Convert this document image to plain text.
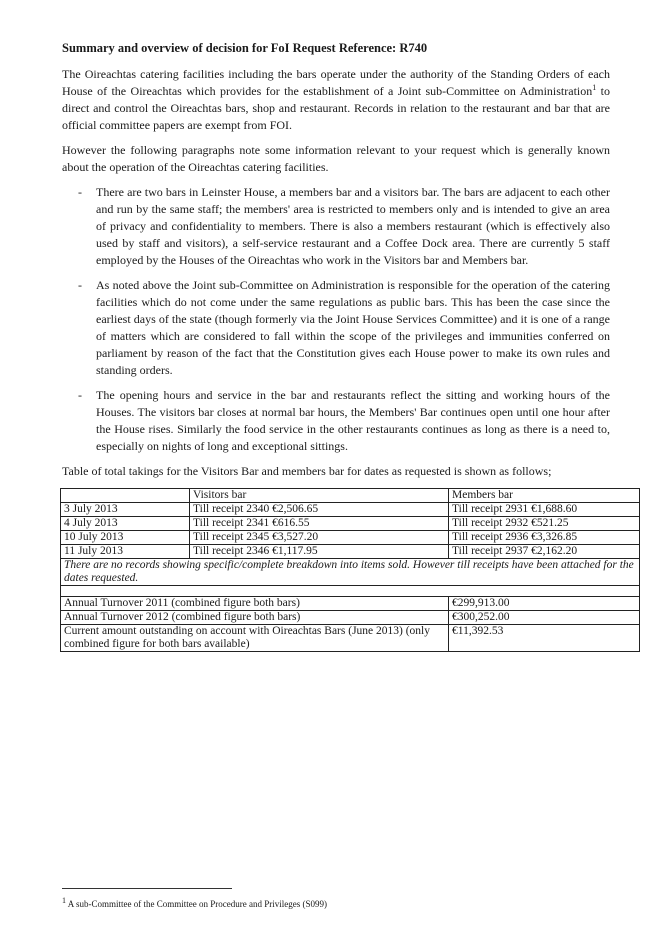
Summary and overview of decision for FoI Request Reference: R740

The Oireachtas catering facilities including the bars operate under the authority of the Standing Orders of each House of the Oireachtas which provides for the establishment of a Joint sub-Committee on Administration$^1$ to direct and control the Oireachtas bars, shop and restaurant. Records in relation to the restaurant and bar that are official committee papers are exempt from FOI.

However the following paragraphs note some information relevant to your request which is generally known about the operation of the Oireachtas catering facilities.

- There are two bars in Leinster House, a members bar and a visitors bar. The bars are adjacent to each other and run by the same staff; the members' area is restricted to members only and is intended to give an area of privacy and confidentiality to members. There is also a members restaurant (which is effectively also used by staff and visitors), a self-service restaurant and a Coffee Dock area. There are currently 5 staff employed by the Houses of the Oireachtas who work in the Visitors bar and Members bar.
- As noted above the Joint sub-Committee on Administration is responsible for the operation of the catering facilities which do not come under the same regulations as public bars. This has been the case since the earliest days of the state (though formerly via the Joint House Services Committee) and it is one of a range of matters which are considered to fall within the scope of the privileges and immunities conferred on parliament by reason of the fact that the Constitution gives each House power to make its own rules and standing orders.
- The opening hours and service in the bar and restaurants reflect the sitting and working hours of the Houses. The visitors bar closes at normal bar hours, the Members' Bar continues open until one hour after the House rises. Similarly the food service in the other restaurants continues as long as there is a need to, especially on nights of long and exceptional sittings.

Table of total takings for the Visitors Bar and members bar for dates as requested is shown as follows;

	Visitors bar	Members bar
3 July 2013	Till receipt 2340 €2,506.65	Till receipt 2931 €1,688.60
4 July 2013	Till receipt 2341 €616.55	Till receipt 2932 €521.25
10 July 2013	Till receipt 2345 €3,527.20	Till receipt 2936 €3,326.85
11 July 2013	Till receipt 2346 €1,117.95	Till receipt 2937 €2,162.20
There are no records showing specific/complete breakdown into items sold. However till receipts have been attached for the dates requested.		

Annual Turnover 2011 (combined figure both bars)		€299,913.00
Annual Turnover 2012 (combined figure both bars)		€300,252.00
Current amount outstanding on account with Oireachtas Bars (June 2013) (only combined figure for both bars available)		€11,392.53
$^1$ A sub-Committee of the Committee on Procedure and Privileges (S099)
